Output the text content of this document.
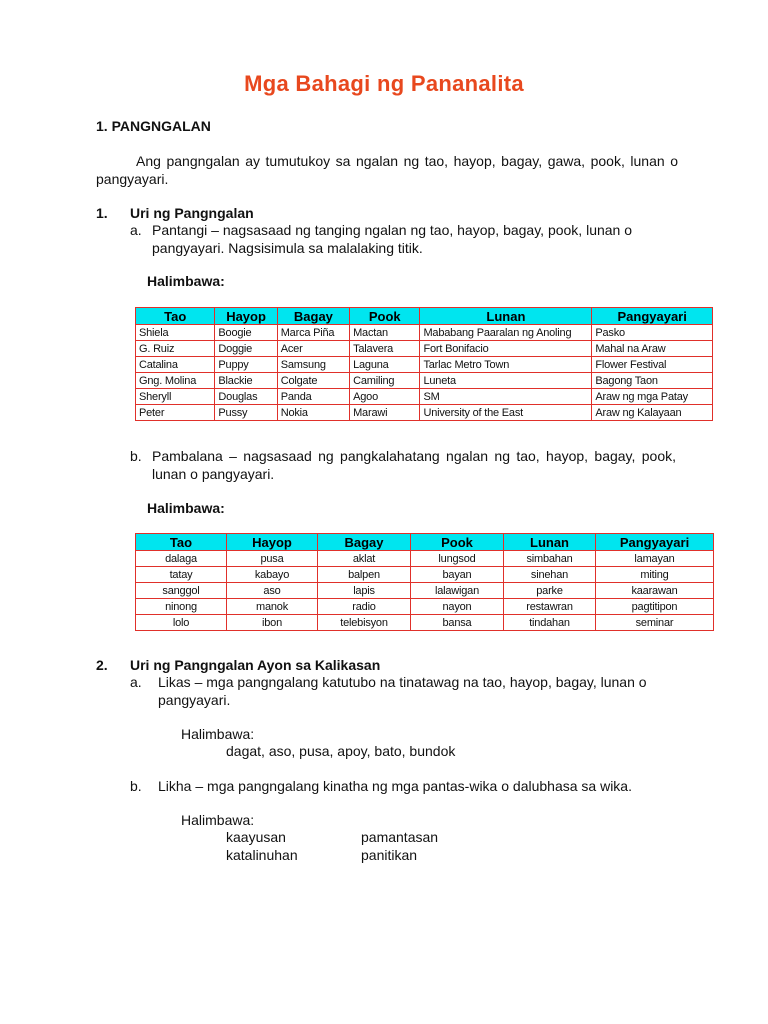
Mga Bahagi ng Pananalita
1. PANGNGALAN
Ang pangngalan ay tumutukoy sa ngalan ng tao, hayop, bagay, gawa, pook, lunan o pangyayari.
1. Uri ng Pangngalan
a. Pantangi – nagsasaad ng tanging ngalan ng tao, hayop, bagay, pook, lunan o pangyayari. Nagsisimula sa malalaking titik.
Halimbawa:
Tao	Hayop	Bagay	Pook	Lunan	Pangyayari
Shiela	Boogie	Marca Piña	Mactan	Mababang Paaralan ng Anoling	Pasko
G. Ruiz	Doggie	Acer	Talavera	Fort Bonifacio	Mahal na Araw
Catalina	Puppy	Samsung	Laguna	Tarlac Metro Town	Flower Festival
Gng. Molina	Blackie	Colgate	Camiling	Luneta	Bagong Taon
Sheryll	Douglas	Panda	Agoo	SM	Araw ng mga Patay
Peter	Pussy	Nokia	Marawi	University of the East	Araw ng Kalayaan
b. Pambalana – nagsasaad ng pangkalahatang ngalan ng tao, hayop, bagay, pook, lunan o pangyayari.
Halimbawa:
Tao	Hayop	Bagay	Pook	Lunan	Pangyayari
dalaga	pusa	aklat	lungsod	simbahan	lamayan
tatay	kabayo	balpen	bayan	sinehan	miting
sanggol	aso	lapis	lalawigan	parke	kaarawan
ninong	manok	radio	nayon	restawran	pagtitipon
lolo	ibon	telebisyon	bansa	tindahan	seminar
2. Uri ng Pangngalan Ayon sa Kalikasan
a. Likas – mga pangngalang katutubo na tinatawag na tao, hayop, bagay, lunan o pangyayari.
Halimbawa:
dagat, aso, pusa, apoy, bato, bundok
b. Likha – mga pangngalang kinatha ng mga pantas-wika o dalubhasa sa wika.
Halimbawa:
kaayusan	pamantasan
katalinuhan	panitikan
